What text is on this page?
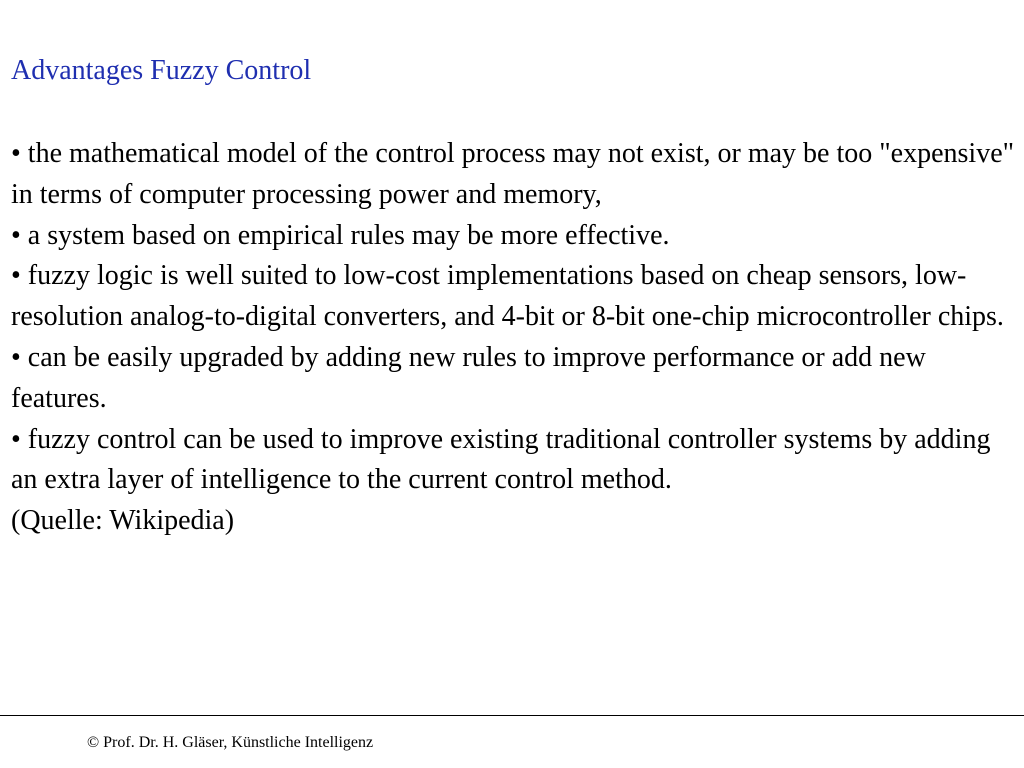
Advantages Fuzzy Control

• the mathematical model of the control process may not exist, or may be too "expensive" in terms of computer processing power and memory,

• a system based on empirical rules may be more effective.

• fuzzy logic is well suited to low-cost implementations based on cheap sensors, low-resolution analog-to-digital converters, and 4-bit or 8-bit one-chip microcontroller chips.

• can be easily upgraded by adding new rules to improve performance or add new features.

• fuzzy control can be used to improve existing traditional controller systems by adding an extra layer of intelligence to the current control method.

(Quelle: Wikipedia)

© Prof. Dr. H. Gläser, Künstliche Intelligenz
